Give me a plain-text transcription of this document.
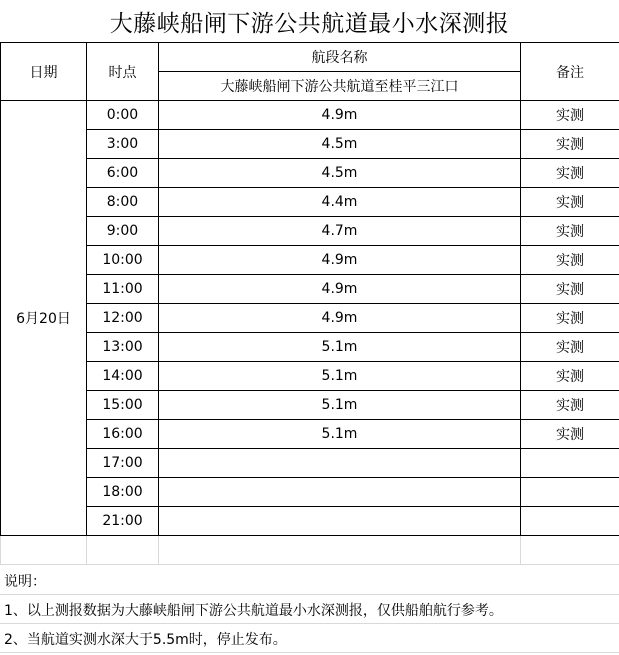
大藤峡船闸下游公共航道最小水深测报
日期	时点	航段名称	备注
		大藤峡船闸下游公共航道至桂平三江口	
6月20日	0:00	4.9m	实测
	3:00	4.5m	实测
	6:00	4.5m	实测
	8:00	4.4m	实测
	9:00	4.7m	实测
	10:00	4.9m	实测
	11:00	4.9m	实测
	12:00	4.9m	实测
	13:00	5.1m	实测
	14:00	5.1m	实测
	15:00	5.1m	实测
	16:00	5.1m	实测
	17:00		
	18:00		
	21:00		

说明：
1、以上测报数据为大藤峡船闸下游公共航道最小水深测报，仅供船舶航行参考。
2、当航道实测水深大于5.5m时，停止发布。
